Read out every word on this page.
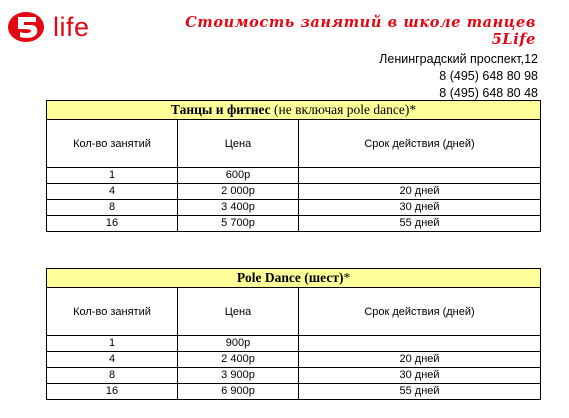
life	Стоимость занятий в школе танцев
5Life
Ленинградский проспект,12
8 (495) 648 80 98
8 (495) 648 80 48
Танцы и фитнес (не включая pole dance)*		
Кол-во занятий	Цена	Срок действия (дней)
1	600р	
4	2 000р	20 дней
8	3 400р	30 дней
16	5 700р	55 дней
Pole Dance (шест)*		
Кол-во занятий	Цена	Срок действия (дней)
1	900р	
4	2 400р	20 дней
8	3 900р	30 дней
16	6 900р	55 дней
